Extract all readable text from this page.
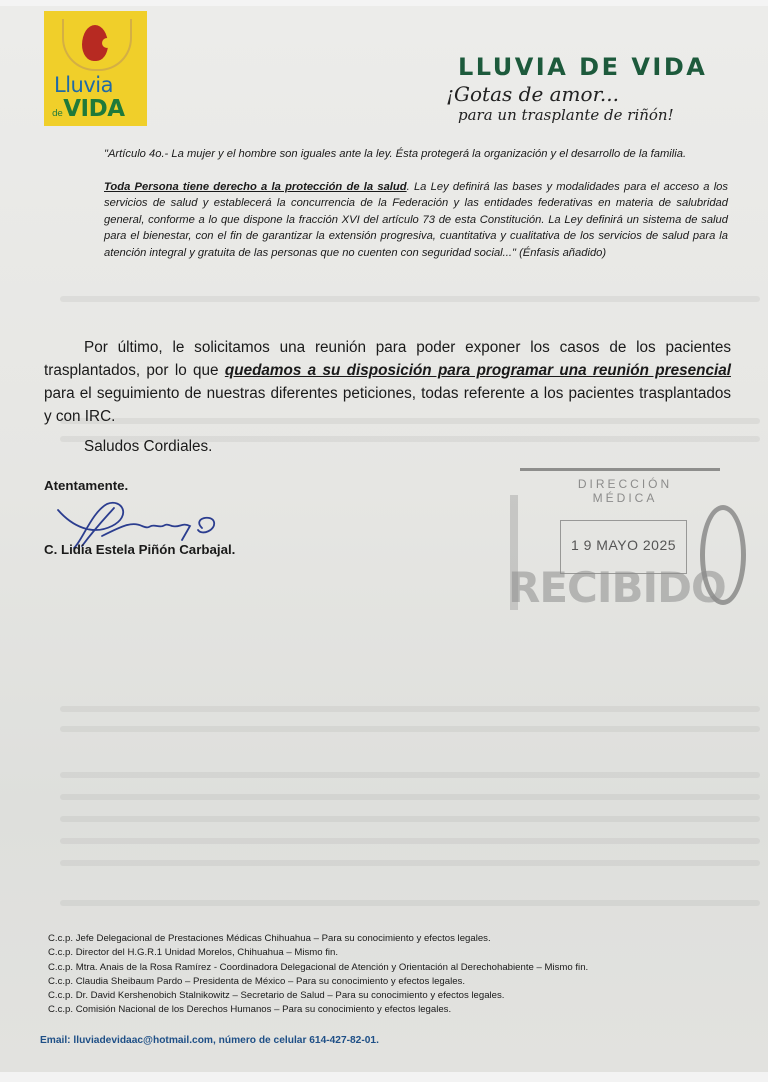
Lluvia
deVIDA
LLUVIA DE VIDA
¡Gotas de amor...
para un trasplante de riñón!

"Artículo 4o.- La mujer y el hombre son iguales ante la ley. Ésta protegerá la organización y el desarrollo de la familia.

Toda Persona tiene derecho a la protección de la salud. La Ley definirá las bases y modalidades para el acceso a los servicios de salud y establecerá la concurrencia de la Federación y las entidades federativas en materia de salubridad general, conforme a lo que dispone la fracción XVI del artículo 73 de esta Constitución. La Ley definirá un sistema de salud para el bienestar, con el fin de garantizar la extensión progresiva, cuantitativa y cualitativa de los servicios de salud para la atención integral y gratuita de las personas que no cuenten con seguridad social..." (Énfasis añadido)

Por último, le solicitamos una reunión para poder exponer los casos de los pacientes trasplantados, por lo que quedamos a su disposición para programar una reunión presencial para el seguimiento de nuestras diferentes peticiones, todas referente a los pacientes trasplantados y con IRC.
Saludos Cordiales.
Atentamente.
C. Lidia Estela Piñón Carbajal.
DIRECCIÓN
MÉDICA
1 9 MAYO 2025
RECIBIDO
C.c.p. Jefe Delegacional de Prestaciones Médicas Chihuahua – Para su conocimiento y efectos legales.
C.c.p. Director del H.G.R.1 Unidad Morelos, Chihuahua – Mismo fin.
C.c.p. Mtra. Anais de la Rosa Ramírez - Coordinadora Delegacional de Atención y Orientación al Derechohabiente – Mismo fin.
C.c.p. Claudia Sheibaum Pardo – Presidenta de México – Para su conocimiento y efectos legales.
C.c.p. Dr. David Kershenobich Stalnikowitz – Secretario de Salud – Para su conocimiento y efectos legales.
C.c.p. Comisión Nacional de los Derechos Humanos – Para su conocimiento y efectos legales.
Email: lluviadevidaac@hotmail.com, número de celular 614-427-82-01.
